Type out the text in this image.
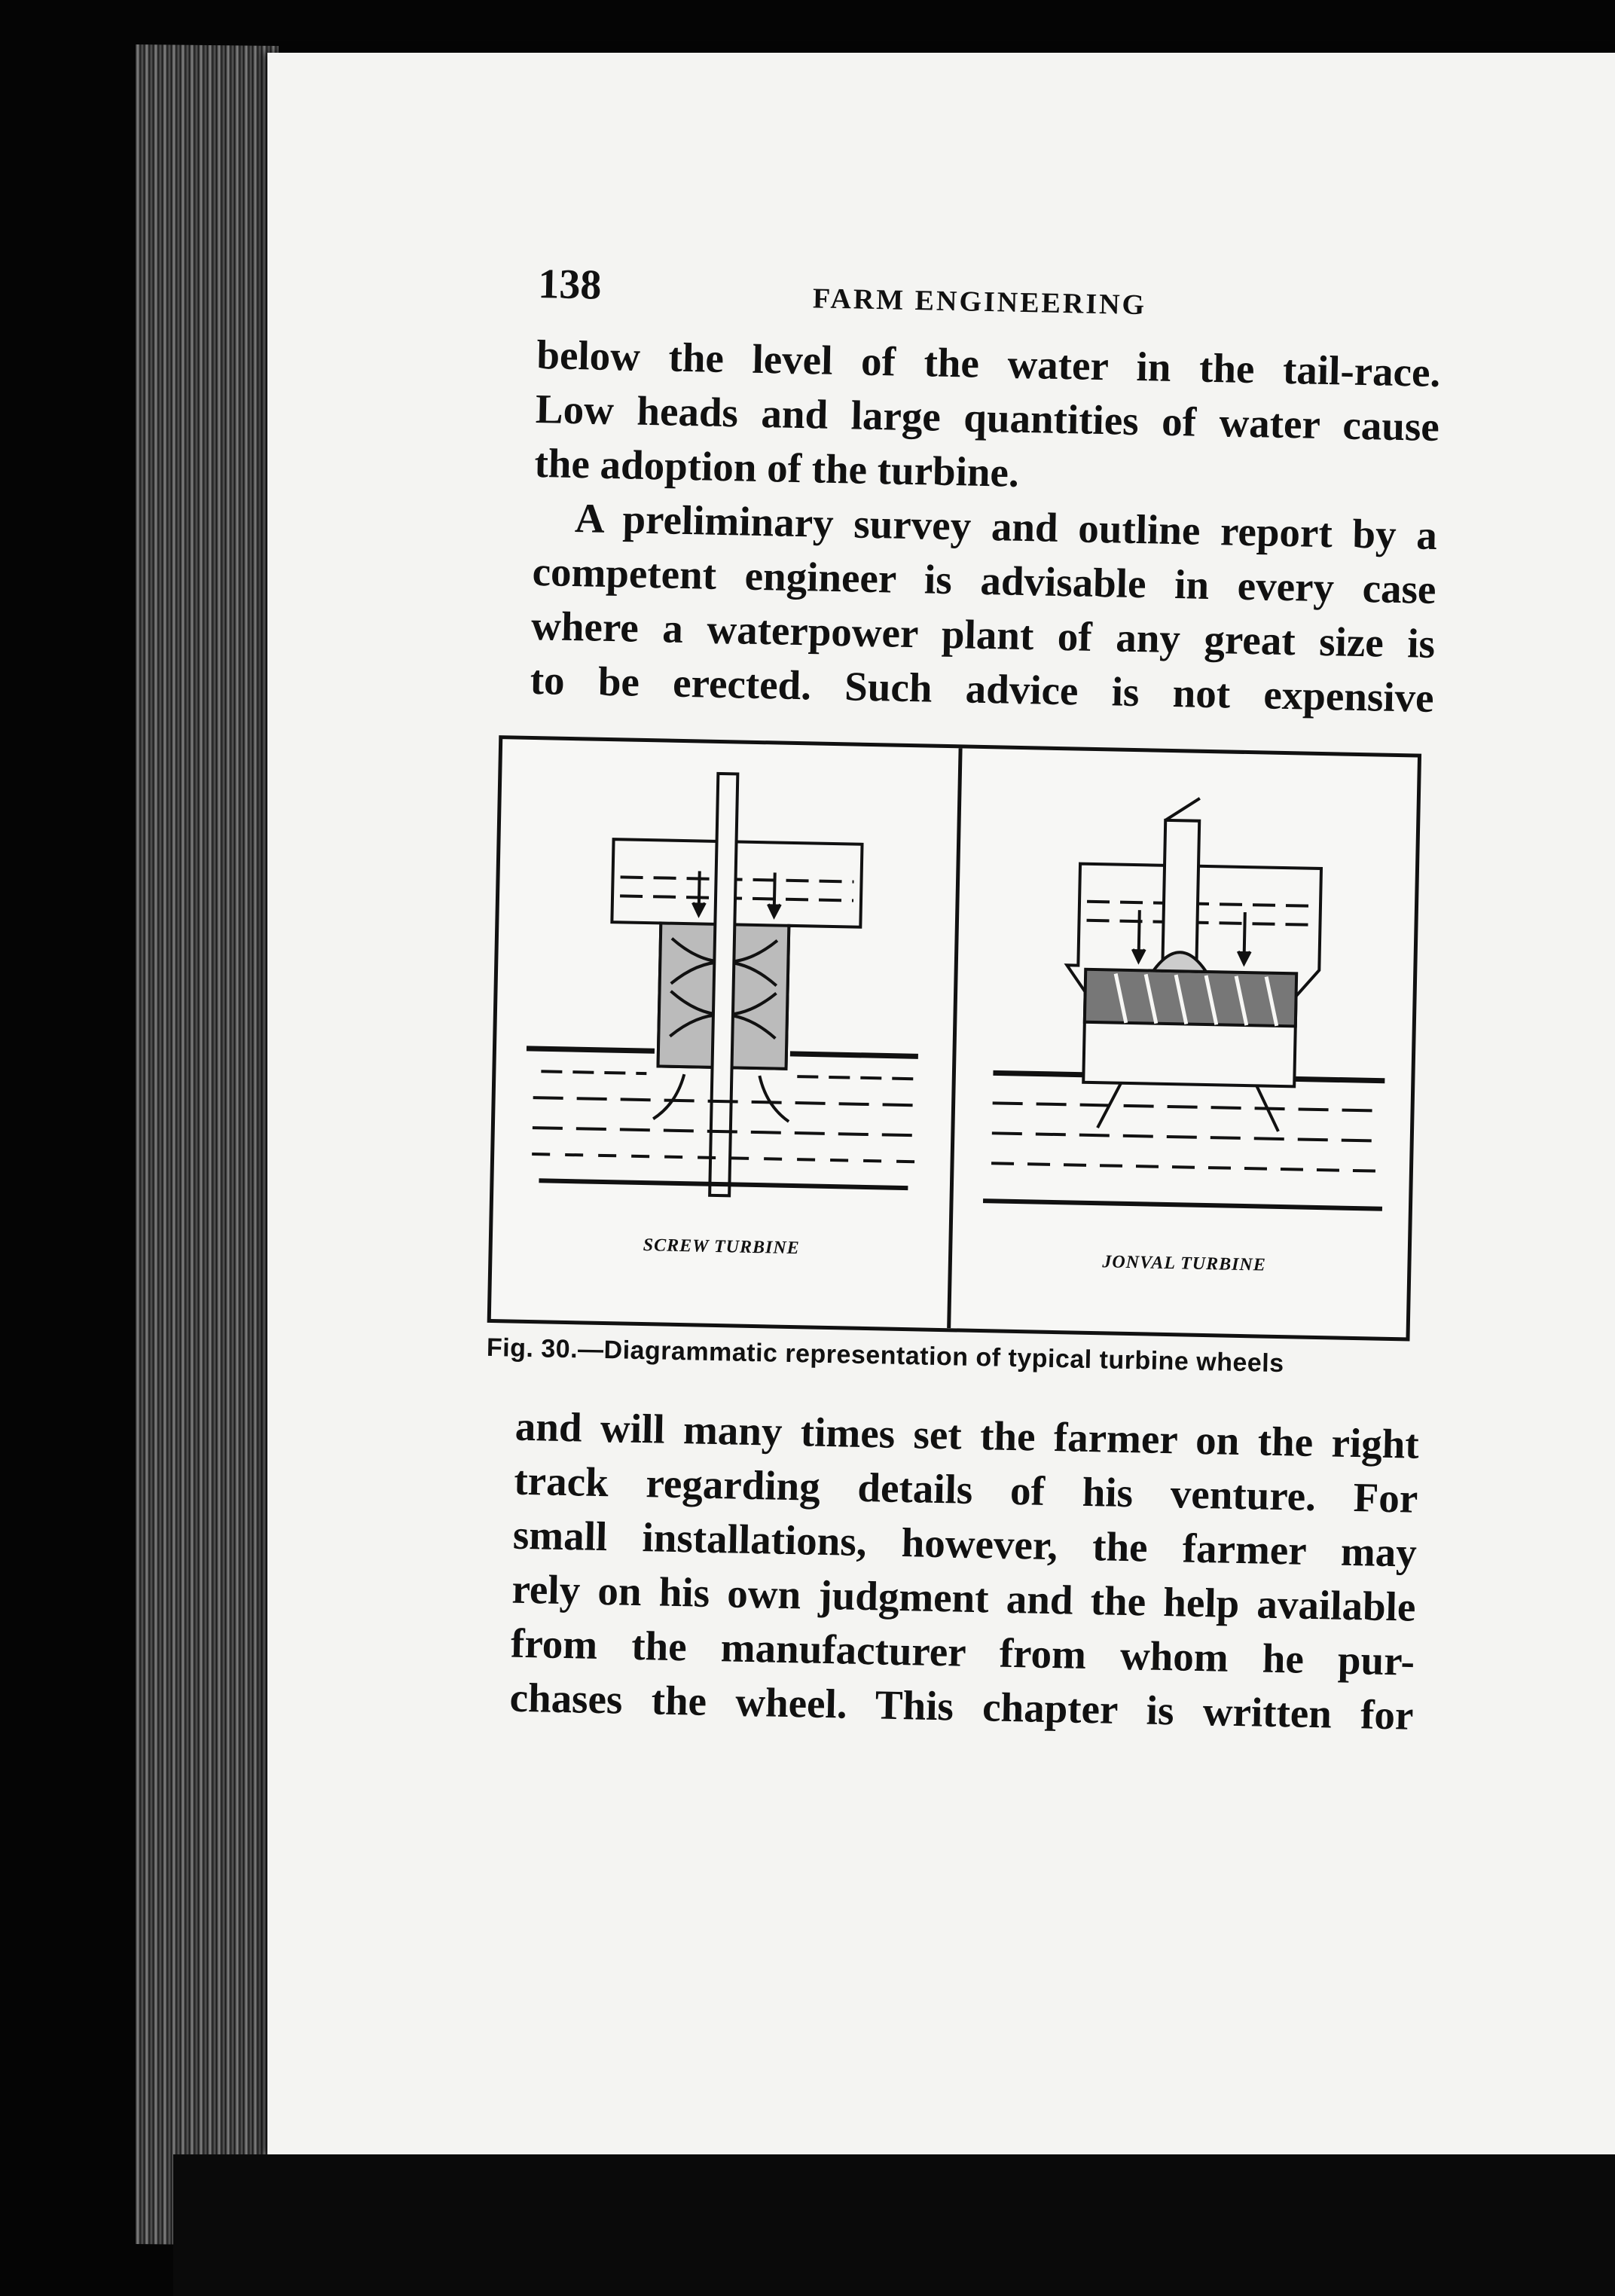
138	FARM ENGINEERING

below the level of the water in the tail-race.

Low heads and large quantities of water cause

the adoption of the turbine.

A preliminary survey and outline report by a

competent engineer is advisable in every case

where a waterpower plant of any great size is

to be erected. Such advice is not expensive

SCREW TURBINE
JONVAL TURBINE
Fig. 30.—Diagrammatic representation of typical turbine wheels

and will many times set the farmer on the right

track regarding details of his venture. For

small installations, however, the farmer may

rely on his own judgment and the help available

from the manufacturer from whom he pur-

chases the wheel. This chapter is written for
